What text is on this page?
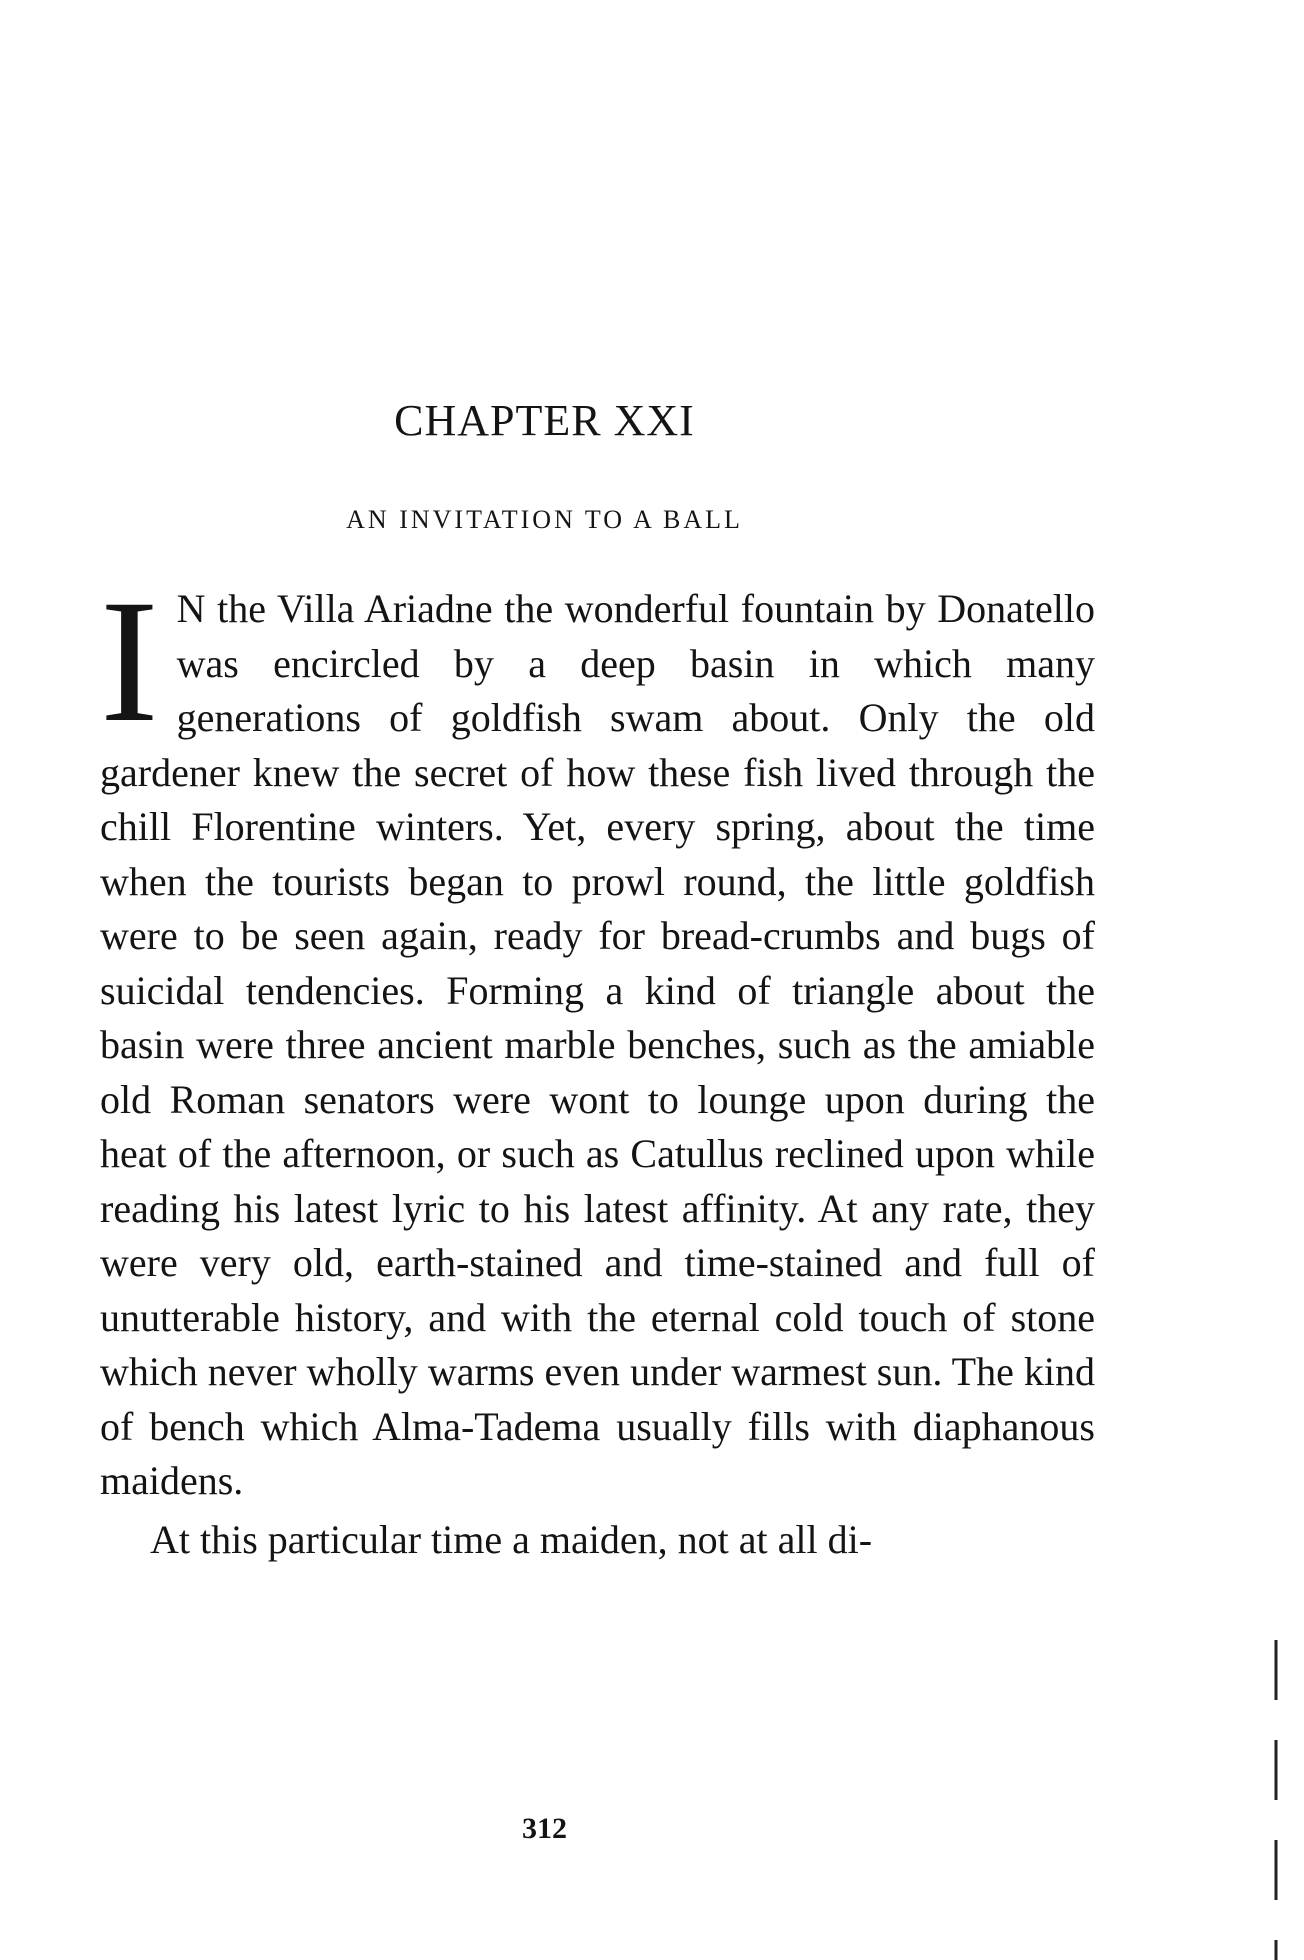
CHAPTER XXI
AN INVITATION TO A BALL

I N the Villa Ariadne the wonderful fountain by Donatello was encircled by a deep basin in which many generations of goldfish swam about. Only the old gardener knew the secret of how these fish lived through the chill Florentine winters. Yet, every spring, about the time when the tourists began to prowl round, the little goldfish were to be seen again, ready for bread-crumbs and bugs of suicidal tendencies. Forming a kind of triangle about the basin were three ancient marble benches, such as the amiable old Roman senators were wont to lounge upon during the heat of the afternoon, or such as Catullus reclined upon while reading his latest lyric to his latest affinity. At any rate, they were very old, earth-stained and time-stained and full of unutterable history, and with the eternal cold touch of stone which never wholly warms even under warmest sun. The kind of bench which Alma-Tadema usually fills with diaphanous maidens.

At this particular time a maiden, not at all di-

312
